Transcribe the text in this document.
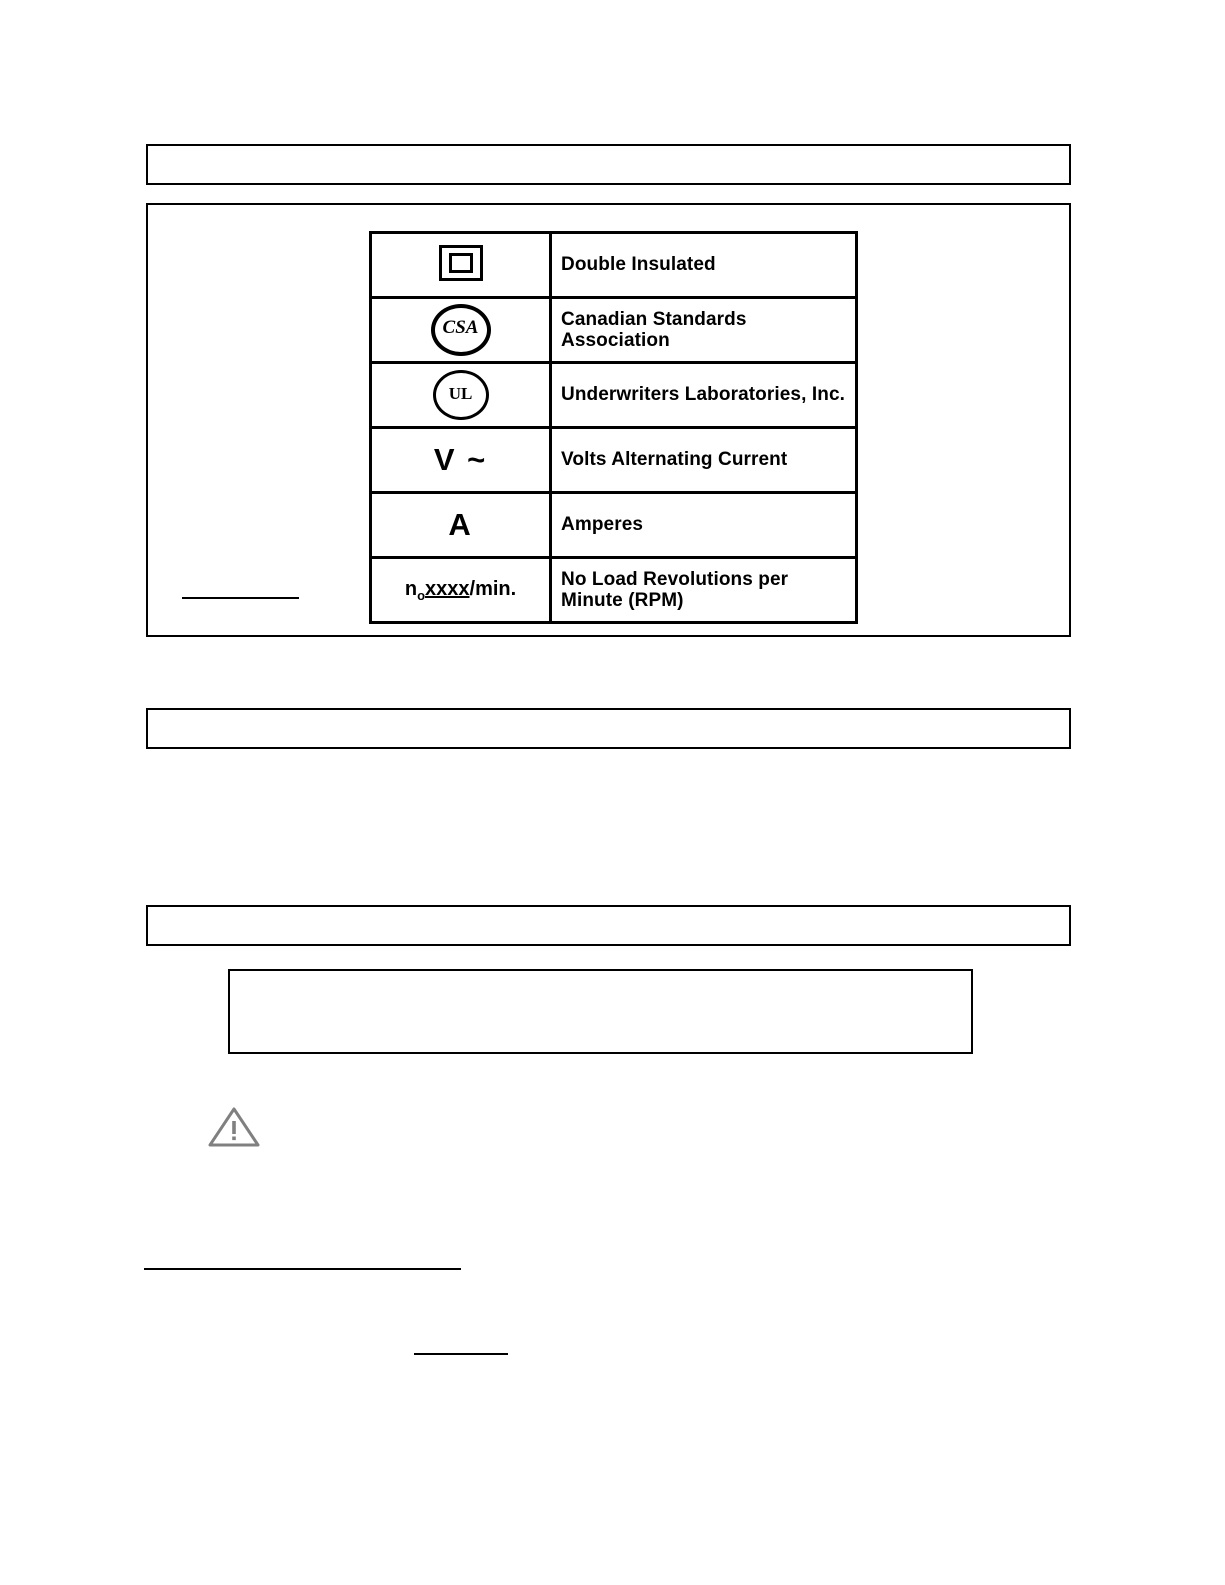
	Double Insulated
CSA	Canadian Standards Association
UL	Underwriters Laboratories, Inc.
V ~	Volts Alternating Current
A	Amperes
$n_oxxxx/\min$.	No Load Revolutions per Minute (RPM)
